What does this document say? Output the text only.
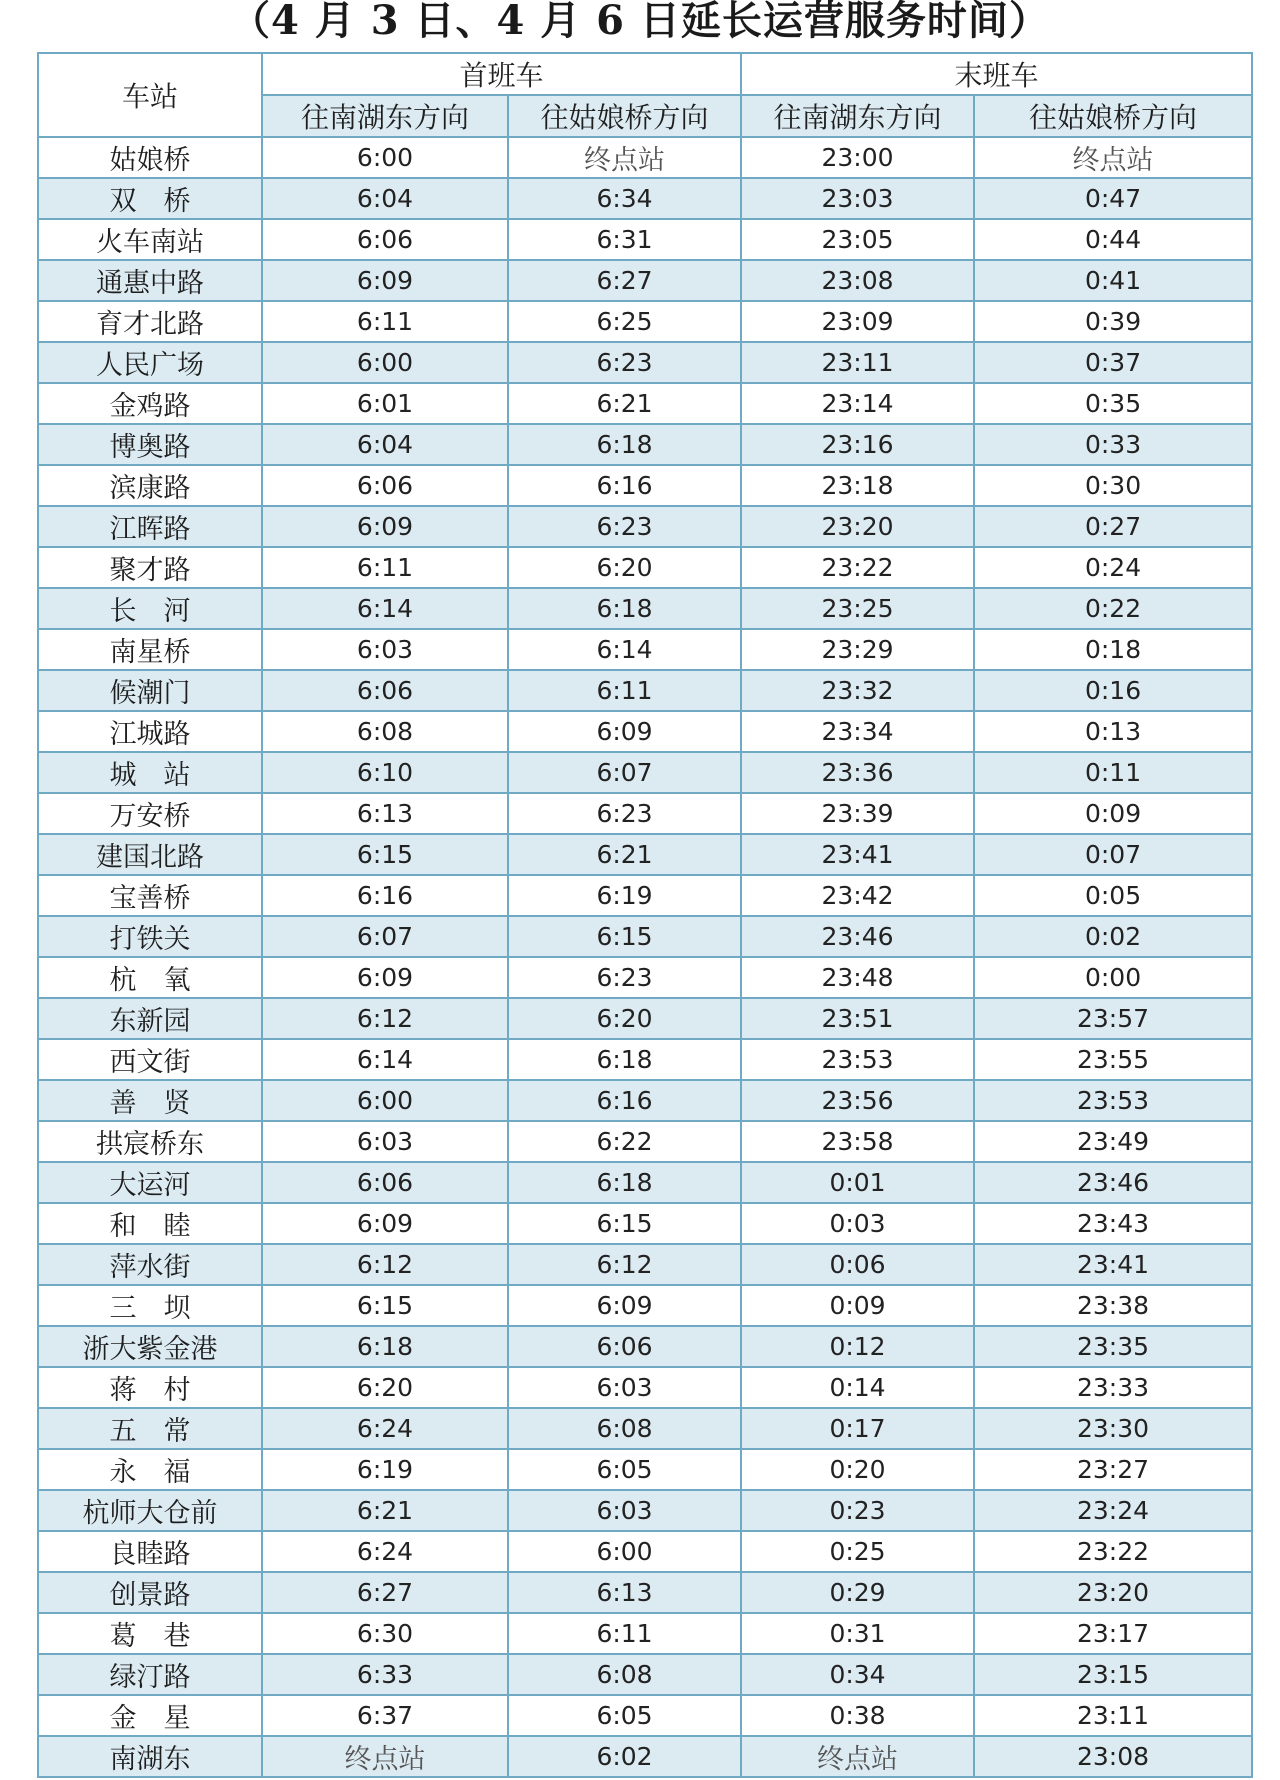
（4 月 3 日、4 月 6 日延长运营服务时间）
车站	首班车		末班车	
	往南湖东方向	往姑娘桥方向	往南湖东方向	往姑娘桥方向
姑娘桥	6:00	终点站	23:00	终点站
双　桥	6:04	6:34	23:03	0:47
火车南站	6:06	6:31	23:05	0:44
通惠中路	6:09	6:27	23:08	0:41
育才北路	6:11	6:25	23:09	0:39
人民广场	6:00	6:23	23:11	0:37
金鸡路	6:01	6:21	23:14	0:35
博奥路	6:04	6:18	23:16	0:33
滨康路	6:06	6:16	23:18	0:30
江晖路	6:09	6:23	23:20	0:27
聚才路	6:11	6:20	23:22	0:24
长　河	6:14	6:18	23:25	0:22
南星桥	6:03	6:14	23:29	0:18
候潮门	6:06	6:11	23:32	0:16
江城路	6:08	6:09	23:34	0:13
城　站	6:10	6:07	23:36	0:11
万安桥	6:13	6:23	23:39	0:09
建国北路	6:15	6:21	23:41	0:07
宝善桥	6:16	6:19	23:42	0:05
打铁关	6:07	6:15	23:46	0:02
杭　氧	6:09	6:23	23:48	0:00
东新园	6:12	6:20	23:51	23:57
西文街	6:14	6:18	23:53	23:55
善　贤	6:00	6:16	23:56	23:53
拱宸桥东	6:03	6:22	23:58	23:49
大运河	6:06	6:18	0:01	23:46
和　睦	6:09	6:15	0:03	23:43
萍水街	6:12	6:12	0:06	23:41
三　坝	6:15	6:09	0:09	23:38
浙大紫金港	6:18	6:06	0:12	23:35
蒋　村	6:20	6:03	0:14	23:33
五　常	6:24	6:08	0:17	23:30
永　福	6:19	6:05	0:20	23:27
杭师大仓前	6:21	6:03	0:23	23:24
良睦路	6:24	6:00	0:25	23:22
创景路	6:27	6:13	0:29	23:20
葛　巷	6:30	6:11	0:31	23:17
绿汀路	6:33	6:08	0:34	23:15
金　星	6:37	6:05	0:38	23:11
南湖东	终点站	6:02	终点站	23:08
